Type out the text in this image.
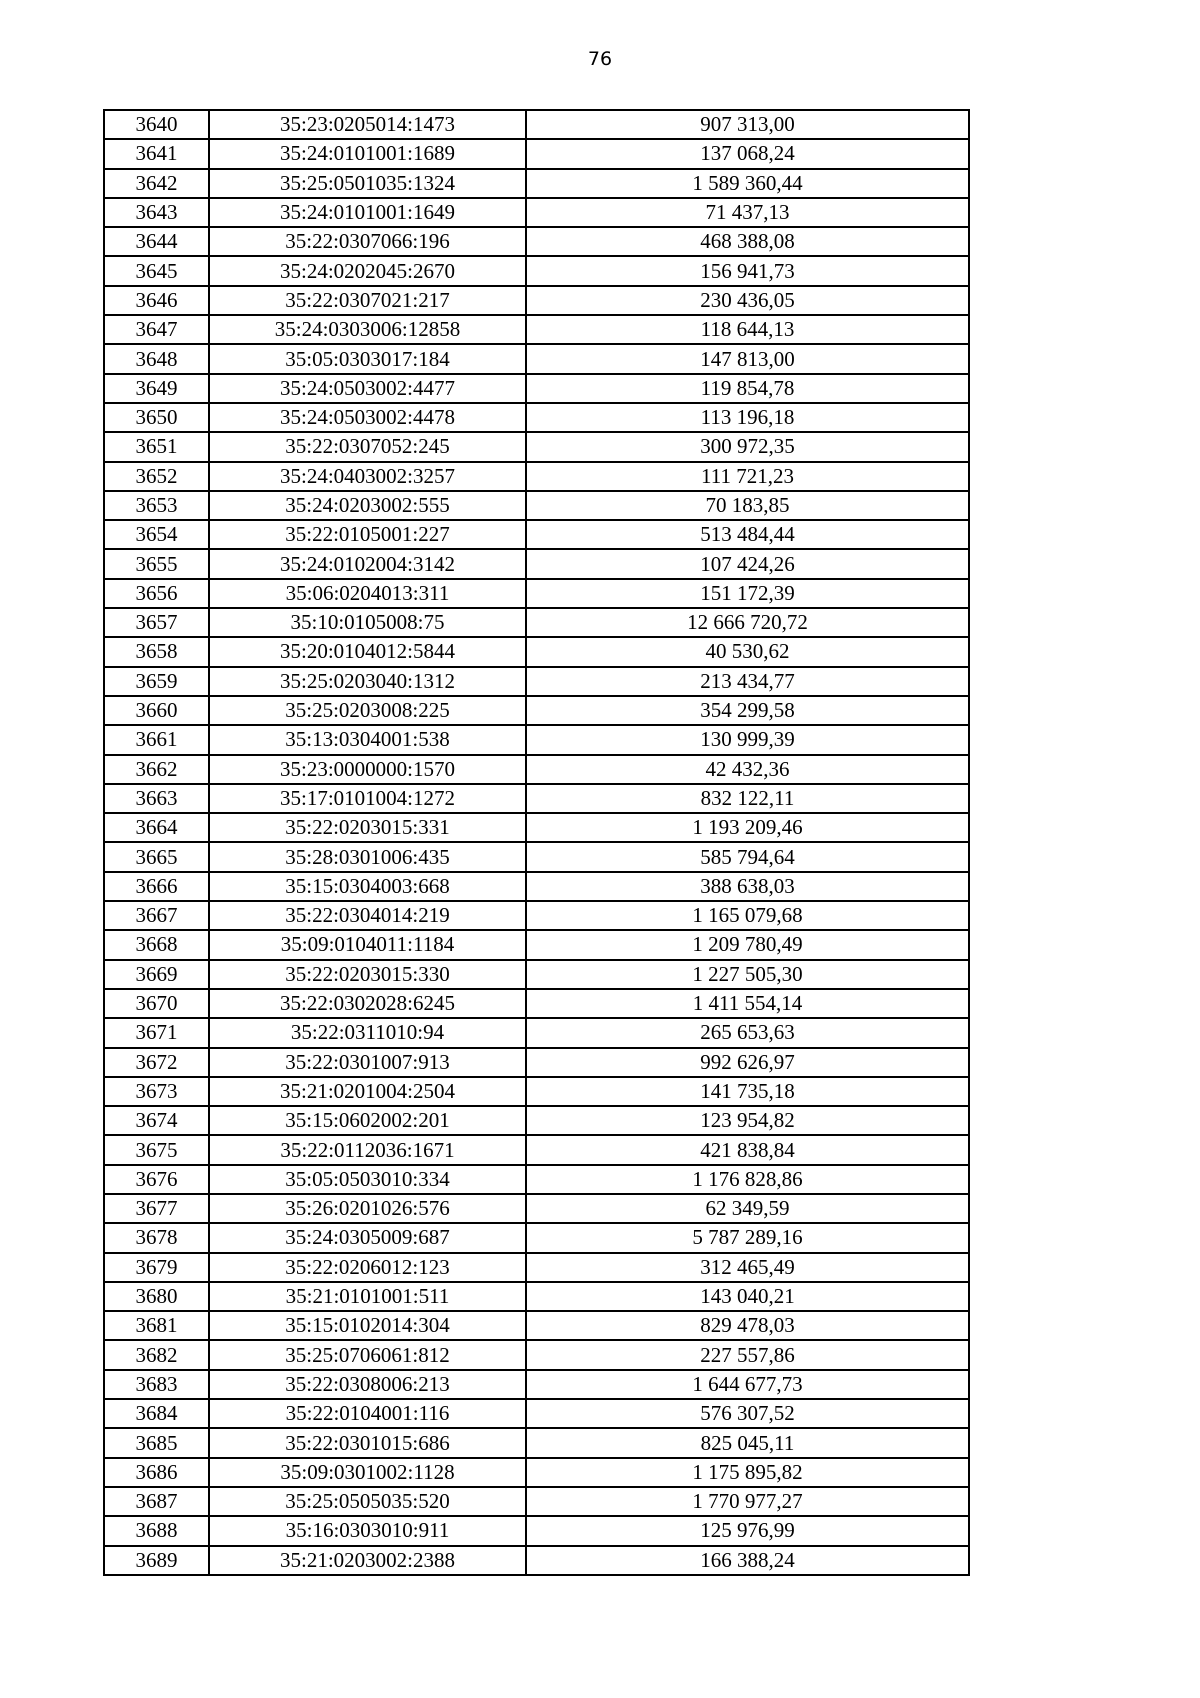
76
3640	35:23:0205014:1473	907 313,00
3641	35:24:0101001:1689	137 068,24
3642	35:25:0501035:1324	1 589 360,44
3643	35:24:0101001:1649	71 437,13
3644	35:22:0307066:196	468 388,08
3645	35:24:0202045:2670	156 941,73
3646	35:22:0307021:217	230 436,05
3647	35:24:0303006:12858	118 644,13
3648	35:05:0303017:184	147 813,00
3649	35:24:0503002:4477	119 854,78
3650	35:24:0503002:4478	113 196,18
3651	35:22:0307052:245	300 972,35
3652	35:24:0403002:3257	111 721,23
3653	35:24:0203002:555	70 183,85
3654	35:22:0105001:227	513 484,44
3655	35:24:0102004:3142	107 424,26
3656	35:06:0204013:311	151 172,39
3657	35:10:0105008:75	12 666 720,72
3658	35:20:0104012:5844	40 530,62
3659	35:25:0203040:1312	213 434,77
3660	35:25:0203008:225	354 299,58
3661	35:13:0304001:538	130 999,39
3662	35:23:0000000:1570	42 432,36
3663	35:17:0101004:1272	832 122,11
3664	35:22:0203015:331	1 193 209,46
3665	35:28:0301006:435	585 794,64
3666	35:15:0304003:668	388 638,03
3667	35:22:0304014:219	1 165 079,68
3668	35:09:0104011:1184	1 209 780,49
3669	35:22:0203015:330	1 227 505,30
3670	35:22:0302028:6245	1 411 554,14
3671	35:22:0311010:94	265 653,63
3672	35:22:0301007:913	992 626,97
3673	35:21:0201004:2504	141 735,18
3674	35:15:0602002:201	123 954,82
3675	35:22:0112036:1671	421 838,84
3676	35:05:0503010:334	1 176 828,86
3677	35:26:0201026:576	62 349,59
3678	35:24:0305009:687	5 787 289,16
3679	35:22:0206012:123	312 465,49
3680	35:21:0101001:511	143 040,21
3681	35:15:0102014:304	829 478,03
3682	35:25:0706061:812	227 557,86
3683	35:22:0308006:213	1 644 677,73
3684	35:22:0104001:116	576 307,52
3685	35:22:0301015:686	825 045,11
3686	35:09:0301002:1128	1 175 895,82
3687	35:25:0505035:520	1 770 977,27
3688	35:16:0303010:911	125 976,99
3689	35:21:0203002:2388	166 388,24
